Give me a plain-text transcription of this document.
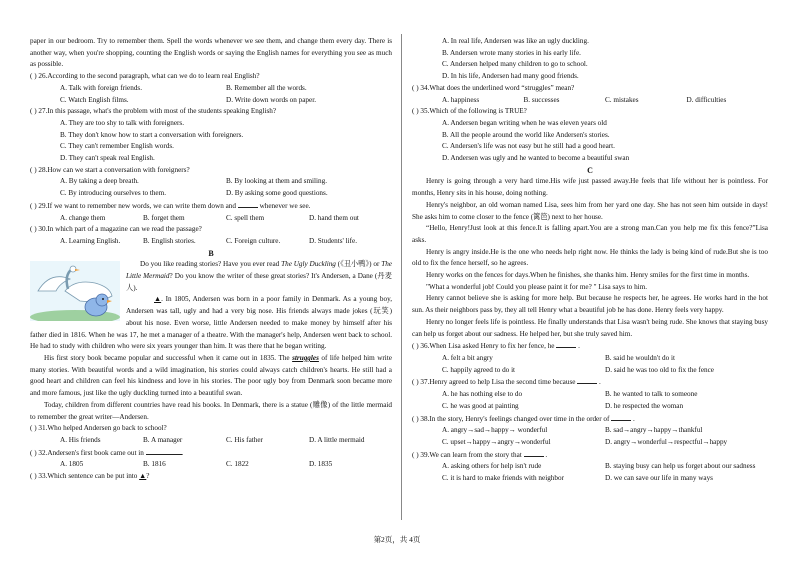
paper in our bedroom. Try to remember them. Spell the words whenever we see them, and change them every day. There is another way, when you're shopping, counting the English words or saying the English names for everything you see as much as possible.

( ) 26.According to the second paragraph, what can we do to learn real English?
A. Talk with foreign friends.	B. Remember all the words.
C. Watch English films.	D. Write down words on paper.
( ) 27.In this passage, what's the problem with most of the students speaking English?
A. They are too shy to talk with foreigners.
B. They don't know how to start a conversation with foreigners.
C. They can't remember English words.
D. They can't speak real English.
( ) 28.How can we start a conversation with foreigners?
A. By taking a deep breath.	B. By looking at them and smiling.
C. By introducing ourselves to them.	D. By asking some good questions.
( ) 29.If we want to remember new words, we can write them down and	whenever we see.
A. change them	B. forget them	C. spell them	D. hand them out
( ) 30.In which part of a magazine can we read the passage?
A. Learning English.	B. English stories.	C. Foreign culture.	D. Students' life.
B

Do you like reading stories? Have you ever read The Ugly Duckling (《丑小鸭》) or The Little Mermaid? Do you know the writer of these great stories? It's Andersen, a Dane (丹麦人).

▲. In 1805, Andersen was born in a poor family in Denmark. As a young boy, Andersen was tall, ugly and had a very big nose. His friends always made jokes (玩笑) about his nose. Even worse, little Andersen needed to make money by himself after his father died in 1816. When he was 17, he met a manager of a theatre. With the manager's help, Andersen went back to school. He had to study with children who were six years younger than him. It was there that he began writing.

His first story book became popular and successful when it came out in 1835. The struggles of life helped him write many stories. With beautiful words and a wild imagination, his stories could always catch children's hearts. He still had a good heart and children can feel his kindness and love in his stories. The poor ugly boy from Denmark soon became more and more famous, just like the ugly duckling turned into a beautiful swan.

Today, children from different countries have read his books. In Denmark, there is a statue (雕像) of the little mermaid to remember the great writer—Andersen.

( ) 31.Who helped Andersen go back to school?
A. His friends	B. A manager	C. His father	D. A little mermaid
( ) 32.Andersen's first book came out in	.
A. 1805	B. 1816	C. 1822	D. 1835
( ) 33.Which sentence can be put into ▲?
A. In real life, Andersen was like an ugly duckling.
B. Andersen wrote many stories in his early life.
C. Andersen helped many children to go to school.
D. In his life, Andersen had many good friends.
( ) 34.What does the underlined word “struggles” mean?
A. happiness	B. successes	C. mistakes	D. difficulties
( ) 35.Which of the following is TRUE?
A. Andersen began writing when he was eleven years old
B. All the people around the world like Andersen's stories.
C. Andersen's life was not easy but he still had a good heart.
D. Andersen was ugly and he wanted to become a beautiful swan
C

Henry is going through a very hard time.His wife just passed away.He feels that life without her is pointless. For months, Henry sits in his house, doing nothing.

Henry's neighbor, an old woman named Lisa, sees him from her yard one day. She has not seen him outside in days! She asks him to come closer to the fence (篱笆) next to her house.

“Hello, Henry!Just look at this fence.It is falling apart.You are a strong man.Can you help me fix this fence?”Lisa asks.

Henry is angry inside.He is the one who needs help right now. He thinks the lady is being kind of rude.But she is too old to fix the fence herself, so he agrees.

Henry works on the fences for days.When he finishes, she thanks him. Henry smiles for the first time in months.

"What a wonderful job! Could you please paint it for me? " Lisa says to him.

Henry cannot believe she is asking for more help. But because he respects her, he agrees. He works hard in the hot sun. As their neighbors pass by, they all tell Henry what a beautiful job he has done. Henry feels very happy.

Henry no longer feels life is pointless. He finally understands that Lisa wasn't being rude. She knows that staying busy can help us forget about our sadness. He helped her, but she truly saved him.

( ) 36.When Lisa asked Henry to fix her fence, he	.
A. felt a bit angry	B. said he wouldn't do it
C. happily agreed to do it	D. said he was too old to fix the fence
( ) 37.Henry agreed to help Lisa the second time because	.
A. he has nothing else to do	B. he wanted to talk to someone
C. he was good at painting	D. he respected the woman
( ) 38.In the story, Henry's feelings changed over time in the order of	.
A. angry→sad→happy→ wonderful	B. sad→angry→happy→thankful
C. upset→happy→angry→wonderful	D. angry→wonderful→respectful→happy
( ) 39.We can learn from the story that	.
A. asking others for help isn't rude	B. staying busy can help us forget about our sadness
C. it is hard to make friends with neighbor	D. we can save our life in many ways
第2页，共 4页
